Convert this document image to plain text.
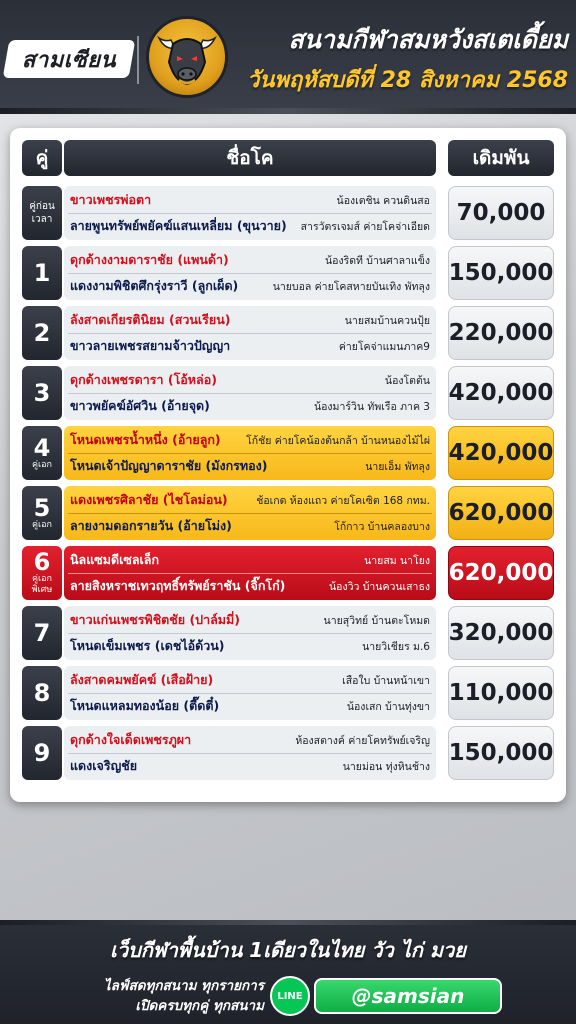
สามเซียน
สนามกีฬาสมหวังสเตเดี้ยม
วันพฤหัสบดีที่ 28 สิงหาคม 2568
คู่	ชื่อโค	เดิมพัน
คู่ก่อนเวลา
ขาวเพชรพ่อตา	น้องเตชิน ควนดินสอ
ลายพูนทรัพย์พยัคฆ์แสนเหลี่ยม (ขุนวาย) สารวัตรเจมส์ ค่ายโคจ่าเอียด
70,000
1 ดุกด้างงามดาราชัย (แพนด้า)	น้องริดที บ้านศาลาแข็ง
แดงงามพิชิตศึกรุ่งราวี (ลูกเผ็ด)	นายบอล ค่ายโคสหายบันเทิง พัทลุง
150,000
2 ลังสาดเกียรตินิยม (สวนเรียน)	นายสมบ้านควนปุ้ย
ขาวลายเพชรสยามจ้าวปัญญา	ค่ายโคจ่าแมนภาค9
220,000
3 ดุกด้างเพชรดารา (โอ้หล่อ)	น้องโตต้น
ขาวพยัคฆ์อัศวิน (อ้ายจุด)	น้องมาร์วิน ทัพเรือ ภาค 3
420,000
4
คู่เอก
โหนดเพชรน้ำหนึ่ง (อ้ายลูก) โก้ชัย ค่ายโคน้องต้นกล้า บ้านหนองไม้ไผ่
โหนดเจ้าปัญญาดาราชัย (มังกรทอง)	นายเอ็ม พัทลุง
420,000
5
คู่เอก
แดงเพชรศิลาชัย (ไชโลม่อน)	ช้อเกด ห้องแถว ค่ายโคเซิต 168 กทม.
ลายงามดอกรายวัน (อ้ายโม่ง)	โก้กาว บ้านคลองบาง
620,000
6
คู่เอกพิเศษ
นิลแซมดีเซลเล็ก	นายสม นาโยง
ลายสิงหราชเทวฤทธิ์ทรัพย์ราชัน (จิ๊กโก๋)	น้องวิว บ้านควนเสาธง
620,000
7 ขาวแก่นเพชรพิชิตชัย (ปาล์มมี่)	นายสุวิทย์ บ้านตะโหมด
โหนดเข็มเพชร (เดชไอ้ด้วน)	นายวิเชียร ม.6
320,000
8 ลังสาดคมพยัคฆ์ (เสือฝ้าย)	เสือใบ บ้านหน้าเขา
โหนดแหลมทองน้อย (ตี๊ดตี๋)	น้องเสก บ้านทุ่งขา
110,000
9 ดุกด้างใจเด็ดเพชรภูผา	ห้องสตางค์ ค่ายโคทรัพย์เจริญ
แดงเจริญชัย	นายม่อน ทุ่งหินช้าง
150,000
เว็บกีฬาพื้นบ้าน 1เดียวในไทย วัว ไก่ มวย
ไลฟ์สดทุกสนาม ทุกรายการ
เปิดครบทุกคู่ ทุกสนาม
LINE	@samsian
